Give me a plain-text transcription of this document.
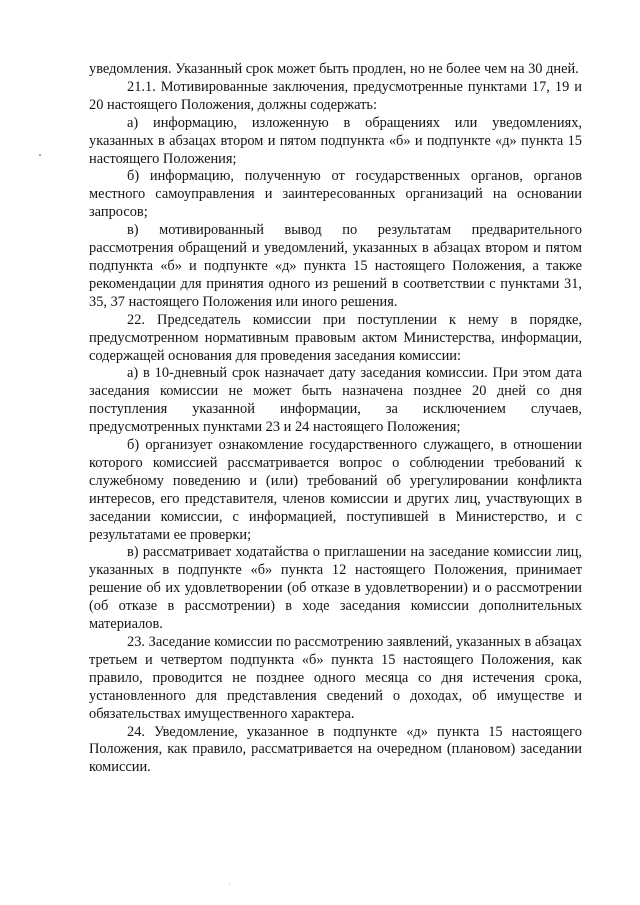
уведомления. Указанный срок может быть продлен, но не более чем на 30 дней.

21.1. Мотивированные заключения, предусмотренные пунктами 17, 19 и 20 настоящего Положения, должны содержать:

а) информацию, изложенную в обращениях или уведомлениях, указанных в абзацах втором и пятом подпункта «б» и подпункте «д» пункта 15 настоящего Положения;

б) информацию, полученную от государственных органов, органов местного самоуправления и заинтересованных организаций на основании запросов;

в) мотивированный вывод по результатам предварительного рассмотрения обращений и уведомлений, указанных в абзацах втором и пятом подпункта «б» и подпункте «д» пункта 15 настоящего Положения, а также рекомендации для принятия одного из решений в соответствии с пунктами 31, 35, 37 настоящего Положения или иного решения.

22. Председатель комиссии при поступлении к нему в порядке, предусмотренном нормативным правовым актом Министерства, информации, содержащей основания для проведения заседания комиссии:

а) в 10-дневный срок назначает дату заседания комиссии. При этом дата заседания комиссии не может быть назначена позднее 20 дней со дня поступления указанной информации, за исключением случаев, предусмотренных пунктами 23 и 24 настоящего Положения;

б) организует ознакомление государственного служащего, в отношении которого комиссией рассматривается вопрос о соблюдении требований к служебному поведению и (или) требований об урегулировании конфликта интересов, его представителя, членов комиссии и других лиц, участвующих в заседании комиссии, с информацией, поступившей в Министерство, и с результатами ее проверки;

в) рассматривает ходатайства о приглашении на заседание комиссии лиц, указанных в подпункте «б» пункта 12 настоящего Положения, принимает решение об их удовлетворении (об отказе в удовлетворении) и о рассмотрении (об отказе в рассмотрении) в ходе заседания комиссии дополнительных материалов.

23. Заседание комиссии по рассмотрению заявлений, указанных в абзацах третьем и четвертом подпункта «б» пункта 15 настоящего Положения, как правило, проводится не позднее одного месяца со дня истечения срока, установленного для представления сведений о доходах, об имуществе и обязательствах имущественного характера.

24. Уведомление, указанное в подпункте «д» пункта 15 настоящего Положения, как правило, рассматривается на очередном (плановом) заседании комиссии.
